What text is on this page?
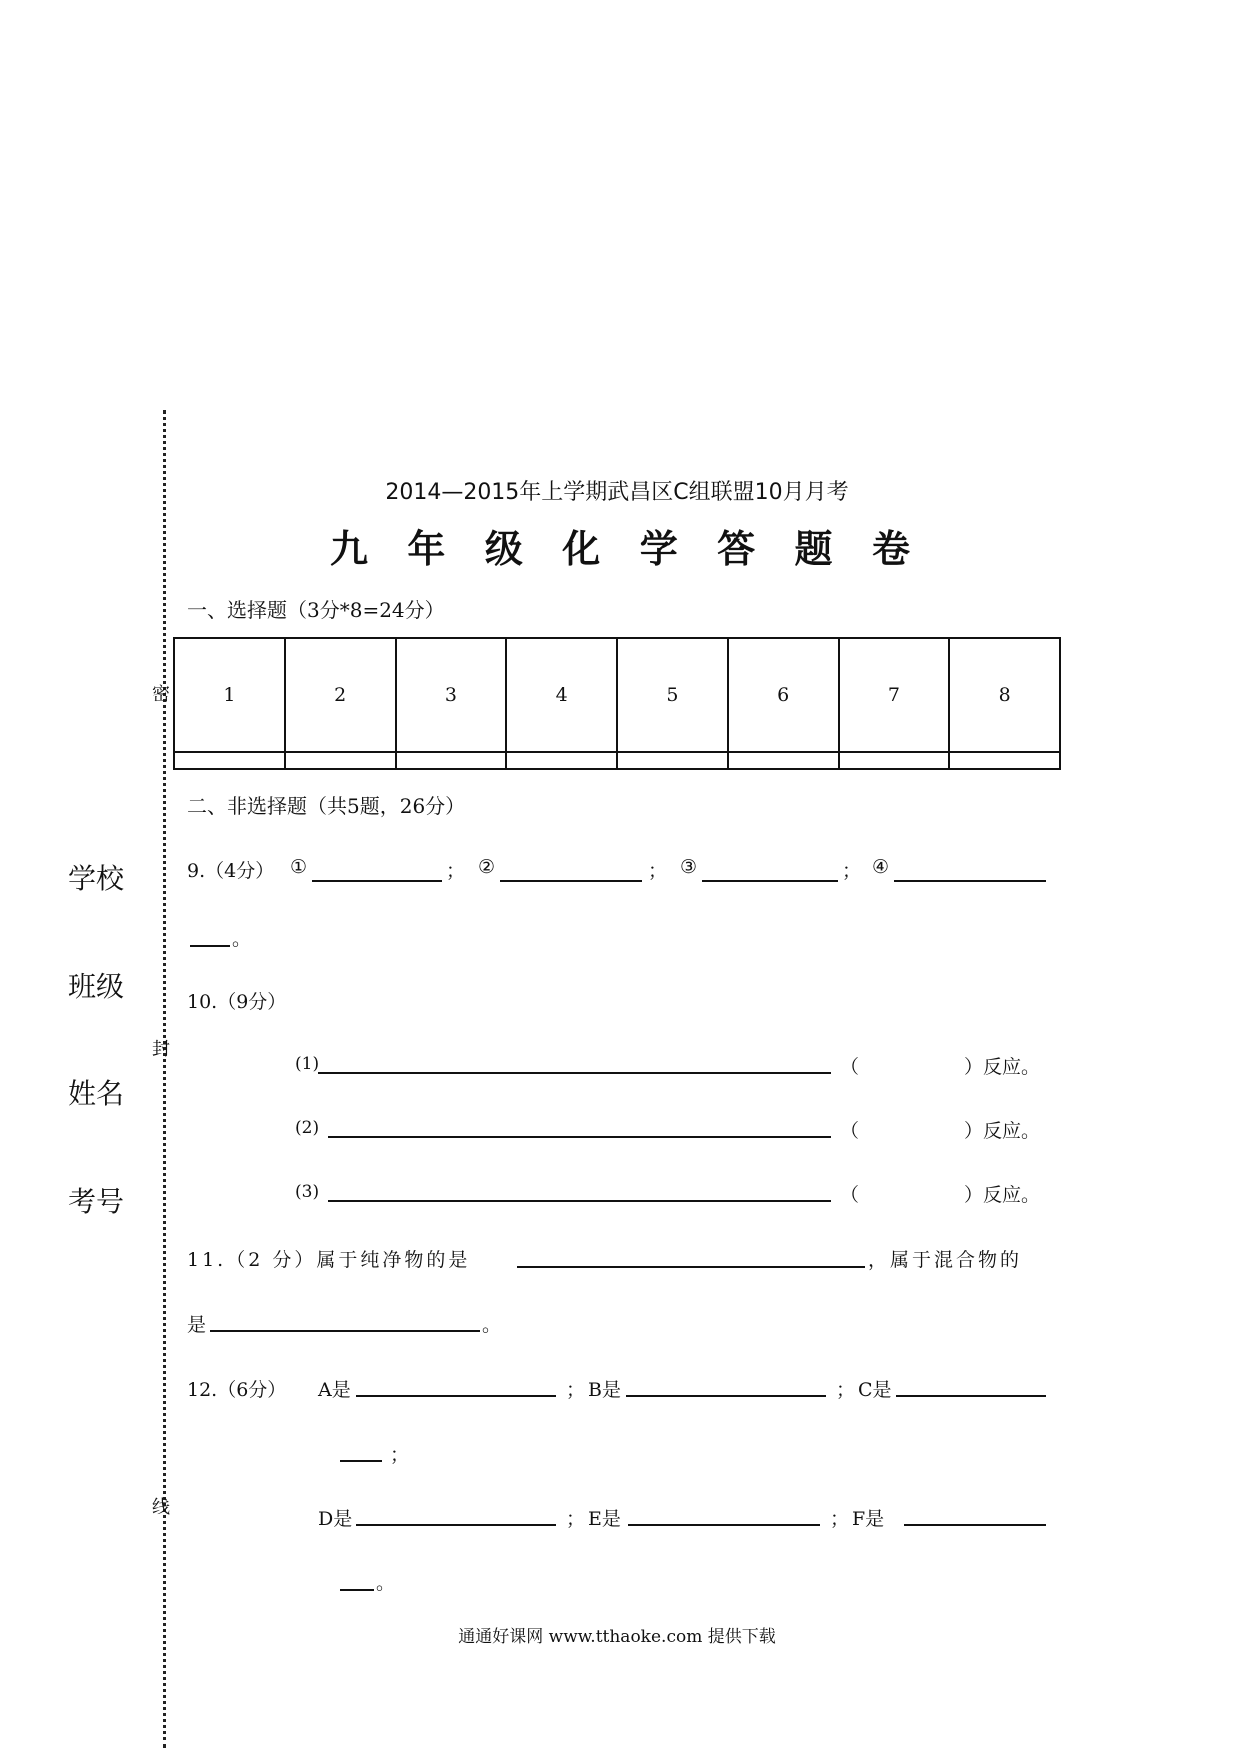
密
封
线
学校
班级
姓名
考号
2014—2015年上学期武昌区C组联盟10月月考
九 年 级 化 学 答 题 卷
一、选择题（3分*8=24分）
1	2	3	4	5	6	7	8

二、非选择题（共5题，26分）
9.（4分） ①	； ②	； ③	； ④
。
10.（9分）
(1)	（	）反应。
(2)	（	）反应。
(3)	（	）反应。
11.（2 分）属于纯净物的是	，属于混合物的
是	。
12.（6分） A是	； B是	； C是
；
D是	； E是	； F是
。
通通好课网 www.tthaoke.com 提供下载
